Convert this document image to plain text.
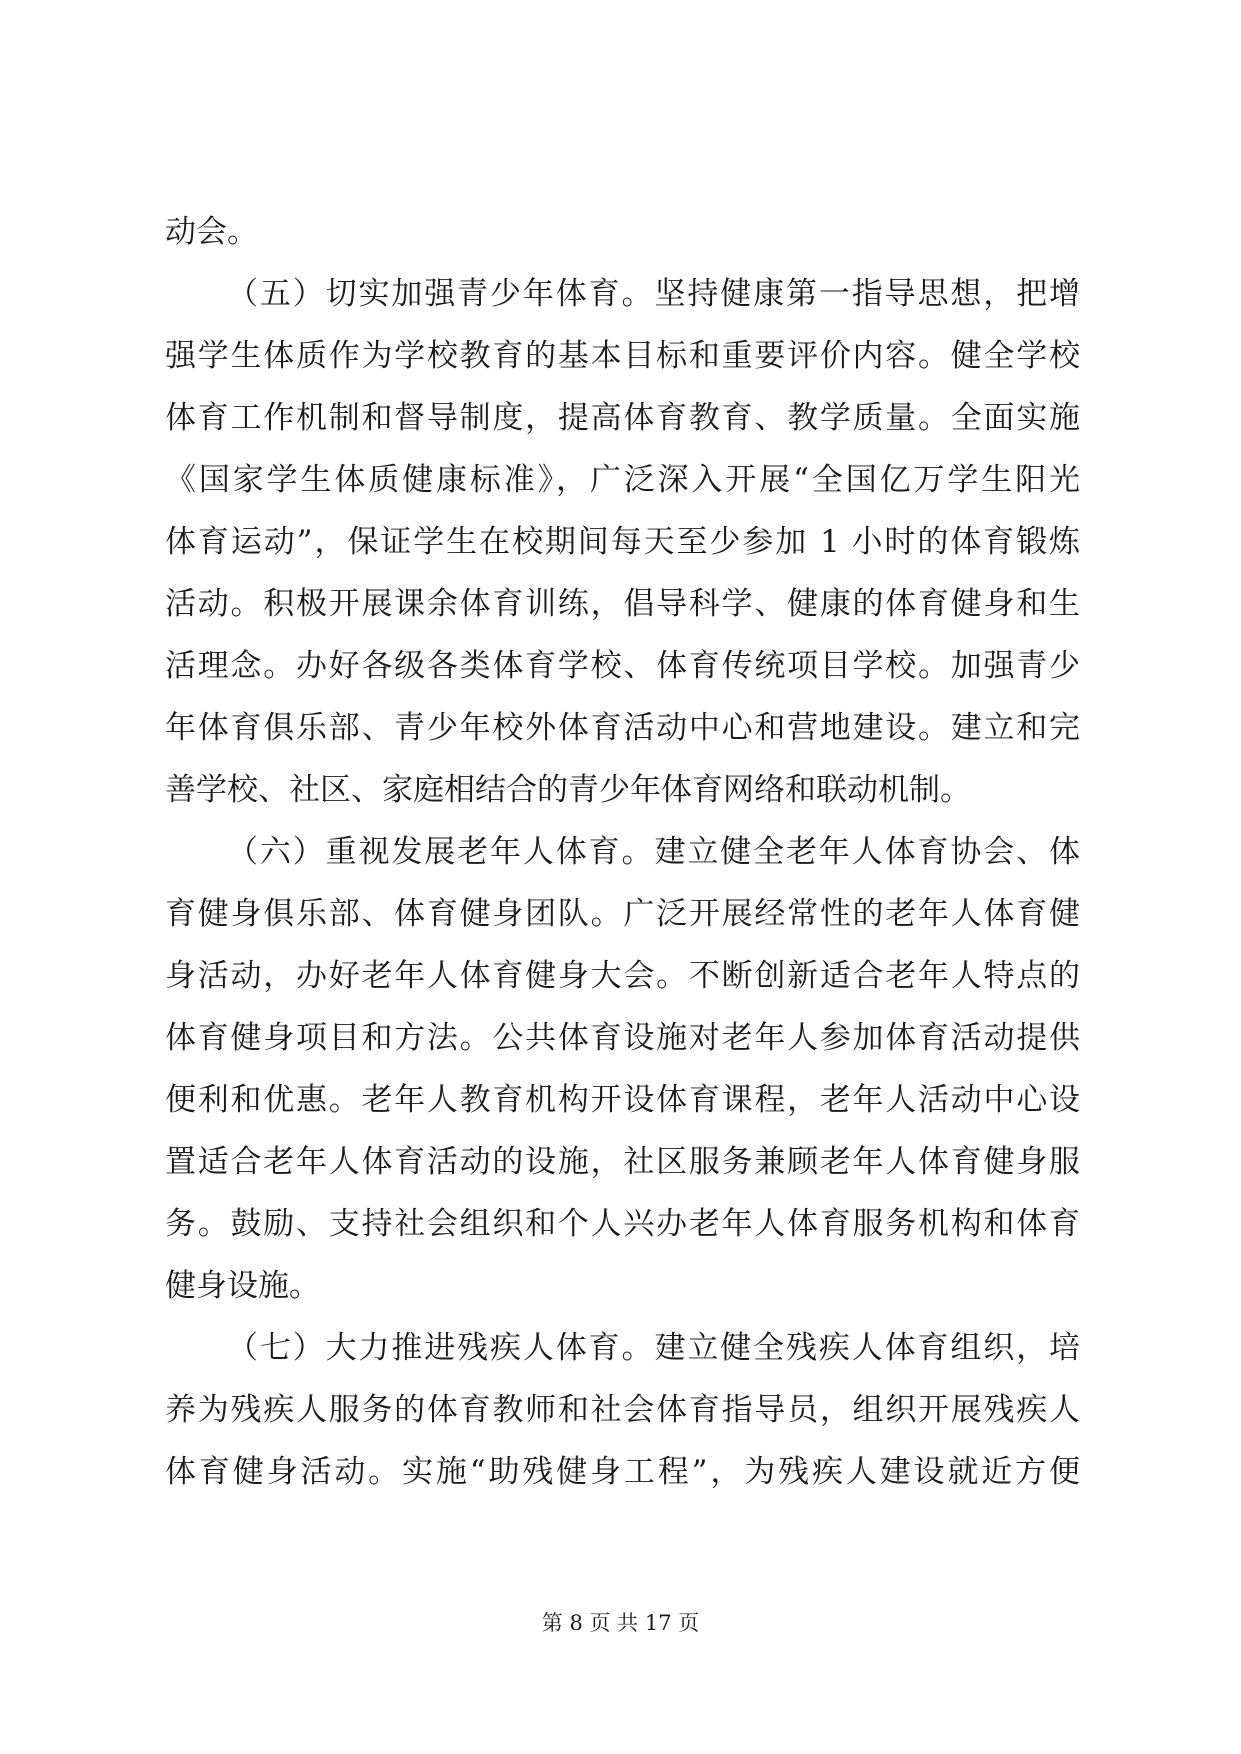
动会。
（五）切实加强青少年体育。坚持健康第一指导思想，把增
强学生体质作为学校教育的基本目标和重要评价内容。健全学校
体育工作机制和督导制度，提高体育教育、教学质量。全面实施
《国家学生体质健康标准》，广泛深入开展“全国亿万学生阳光
体育运动”，保证学生在校期间每天至少参加 1 小时的体育锻炼
活动。积极开展课余体育训练，倡导科学、健康的体育健身和生
活理念。办好各级各类体育学校、体育传统项目学校。加强青少
年体育俱乐部、青少年校外体育活动中心和营地建设。建立和完
善学校、社区、家庭相结合的青少年体育网络和联动机制。
（六）重视发展老年人体育。建立健全老年人体育协会、体
育健身俱乐部、体育健身团队。广泛开展经常性的老年人体育健
身活动，办好老年人体育健身大会。不断创新适合老年人特点的
体育健身项目和方法。公共体育设施对老年人参加体育活动提供
便利和优惠。老年人教育机构开设体育课程，老年人活动中心设
置适合老年人体育活动的设施，社区服务兼顾老年人体育健身服
务。鼓励、支持社会组织和个人兴办老年人体育服务机构和体育
健身设施。
（七）大力推进残疾人体育。建立健全残疾人体育组织，培
养为残疾人服务的体育教师和社会体育指导员，组织开展残疾人
体育健身活动。实施“助残健身工程”，为残疾人建设就近方便
第 8 页 共 17 页
